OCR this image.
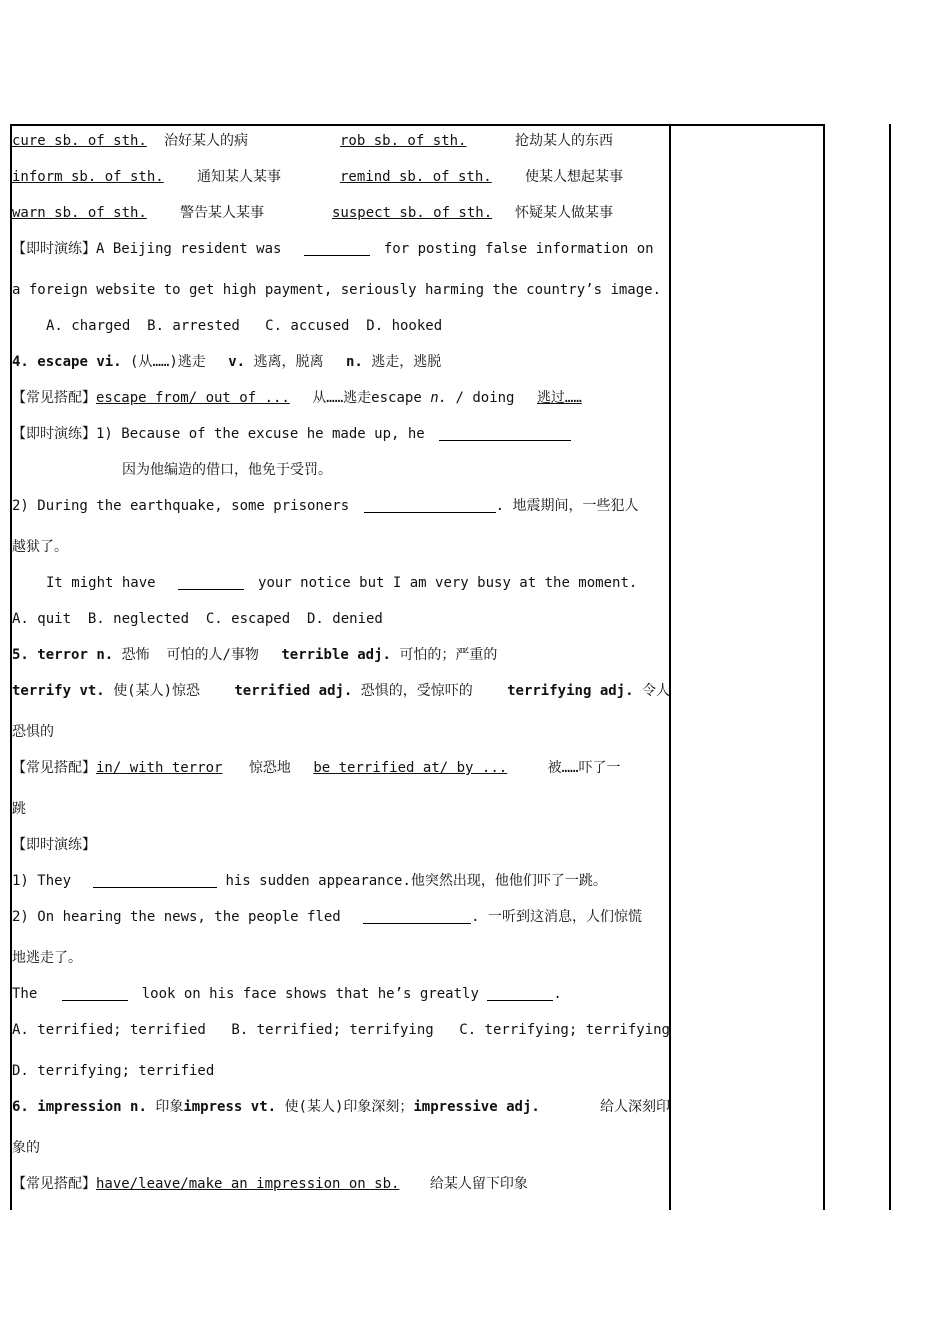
cure sb. of sth. 治好某人的病	rob sb. of sth.	抢劫某人的东西
inform sb. of sth. 通知某人某事	remind sb. of sth. 使某人想起某事
warn sb. of sth. 警告某人某事	suspect sb. of sth. 怀疑某人做某事
【即时演练】A Beijing resident was	for posting false information on
a foreign website to get high payment, seriously harming the country’s image.
A. charged  B. arrested   C. accused  D. hooked
4. escape vi. (从……)逃走 v. 逃离，脱离 n. 逃走，逃脱
【常见搭配】escape from/ out of ... 从……逃走escape n. / doing 逃过……
【即时演练】1) Because of the excuse he made up, he
因为他编造的借口，他免于受罚。
2) During the earthquake, some prisoners	. 地震期间，一些犯人
越狱了。
It might have	your notice but I am very busy at the moment.
A. quit  B. neglected  C. escaped  D. denied
5. terror n. 恐怖  可怕的人/事物 terrible adj. 可怕的；严重的
terrify vt. 使(某人)惊恐 terrified adj. 恐惧的，受惊吓的 terrifying adj. 令人
恐惧的
【常见搭配】in/ with terror 惊恐地 be terrified at/ by ...	被……吓了一
跳
【即时演练】
1) They	his sudden appearance.他突然出现，他他们吓了一跳。
2) On hearing the news, the people fled	. 一听到这消息，人们惊慌
地逃走了。
The	look on his face shows that he’s greatly	.
A. terrified; terrified B. terrified; terrifying C. terrifying; terrifying
D. terrifying; terrified
6. impression n. 印象impress vt. 使(某人)印象深刻；impressive adj.	给人深刻印
象的
【常见搭配】have/leave/make an impression on sb. 给某人留下印象
